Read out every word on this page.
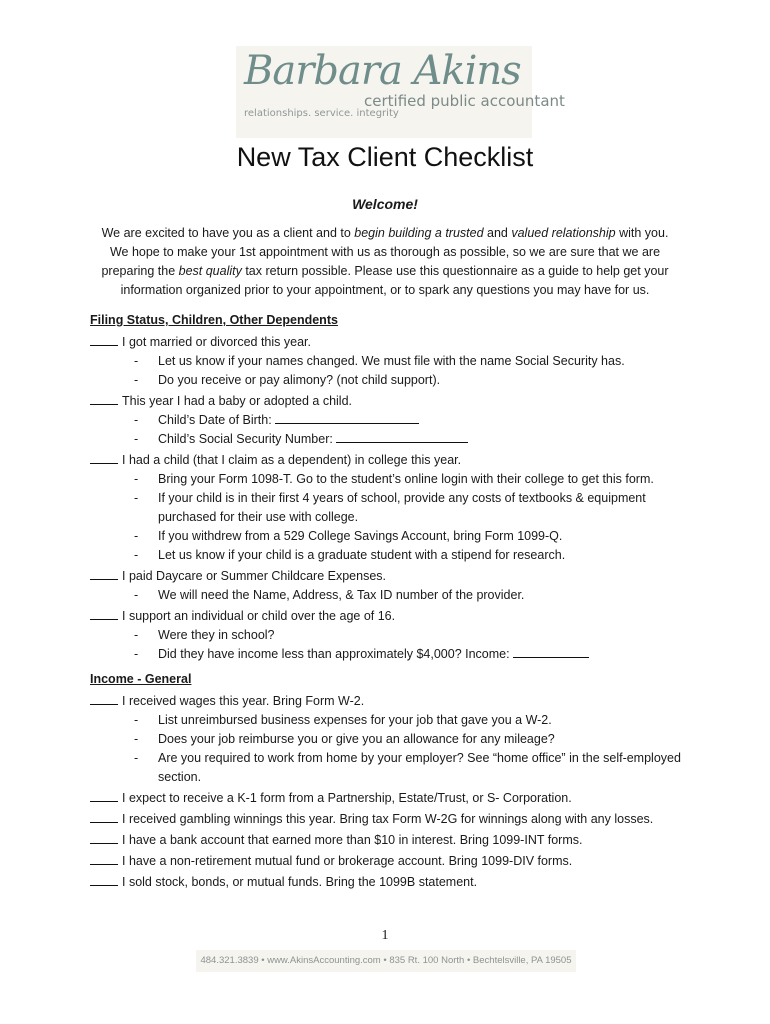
Barbara Akins
certified public accountant
relationships. service. integrity
New Tax Client Checklist
Welcome!

We are excited to have you as a client and to begin building a trusted and valued relationship with you.

We hope to make your 1st appointment with us as thorough as possible, so we are sure that we are

preparing the best quality tax return possible. Please use this questionnaire as a guide to help get your

information organized prior to your appointment, or to spark any questions you may have for us.

Filing Status, Children, Other Dependents
I got married or divorced this year.
- Let us know if your names changed. We must file with the name Social Security has.
- Do you receive or pay alimony? (not child support).
This year I had a baby or adopted a child.
- Child’s Date of Birth:
- Child’s Social Security Number:
I had a child (that I claim as a dependent) in college this year.
- Bring your Form 1098-T. Go to the student’s online login with their college to get this form.
- If your child is in their first 4 years of school, provide any costs of textbooks & equipment purchased for their use with college.
- If you withdrew from a 529 College Savings Account, bring Form 1099-Q.
- Let us know if your child is a graduate student with a stipend for research.
I paid Daycare or Summer Childcare Expenses.
- We will need the Name, Address, & Tax ID number of the provider.
I support an individual or child over the age of 16.
- Were they in school?
- Did they have income less than approximately $4,000? Income:
Income - General
I received wages this year. Bring Form W-2.
- List unreimbursed business expenses for your job that gave you a W-2.
- Does your job reimburse you or give you an allowance for any mileage?
- Are you required to work from home by your employer? See “home office” in the self-employed section.
I expect to receive a K-1 form from a Partnership, Estate/Trust, or S- Corporation.
I received gambling winnings this year. Bring tax Form W-2G for winnings along with any losses.
I have a bank account that earned more than $10 in interest. Bring 1099-INT forms.
I have a non-retirement mutual fund or brokerage account. Bring 1099-DIV forms.
I sold stock, bonds, or mutual funds. Bring the 1099B statement.
1
484.321.3839 • www.AkinsAccounting.com • 835 Rt. 100 North • Bechtelsville, PA 19505
